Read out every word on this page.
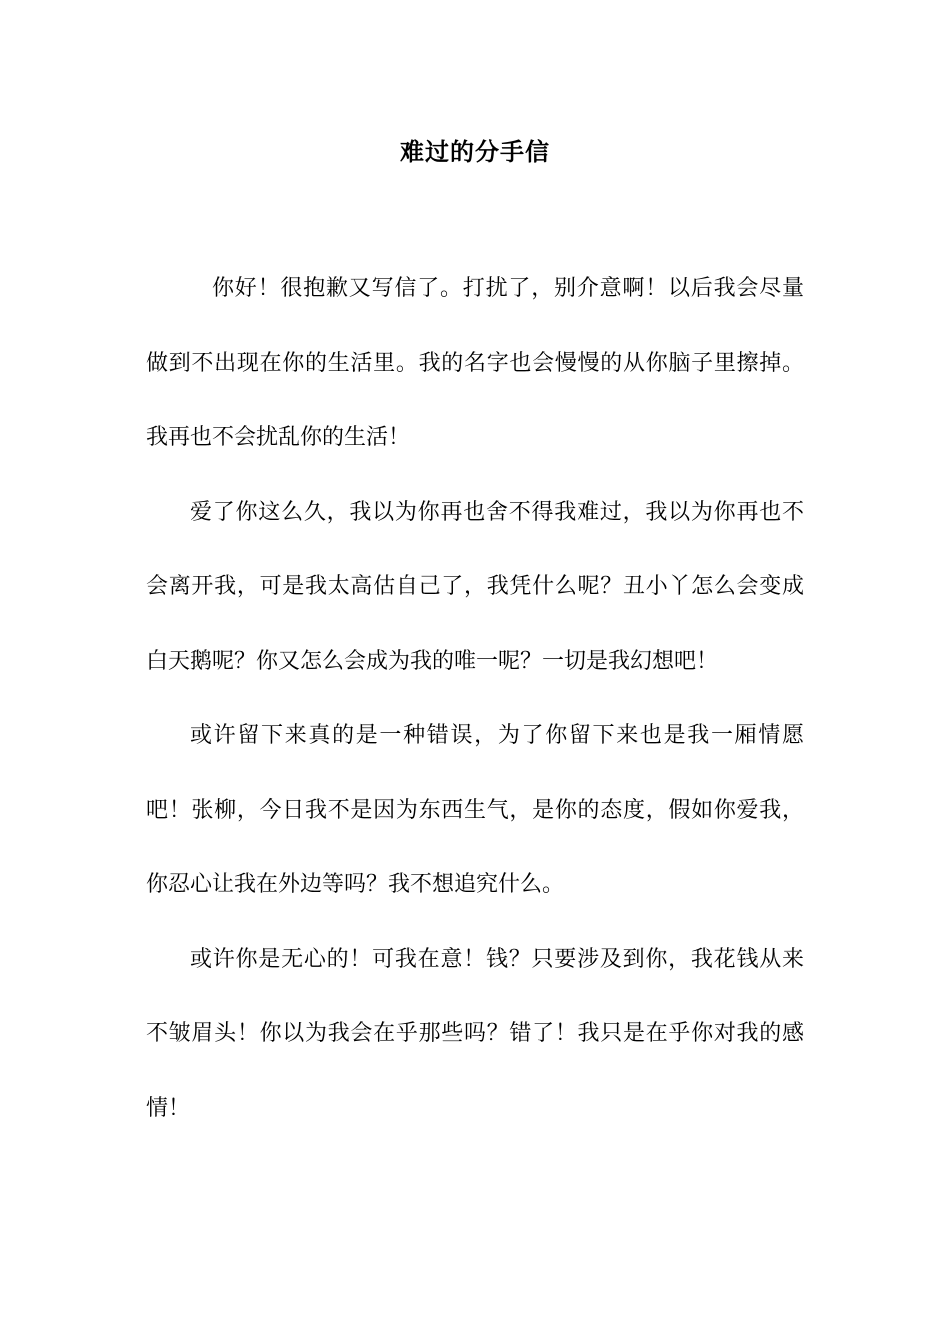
难过的分手信

你好！很抱歉又写信了。打扰了，别介意啊！以后我会尽量做到不出现在你的生活里。我的名字也会慢慢的从你脑子里擦掉。我再也不会扰乱你的生活！

爱了你这么久，我以为你再也舍不得我难过，我以为你再也不会离开我，可是我太高估自己了，我凭什么呢？丑小丫怎么会变成白天鹅呢？你又怎么会成为我的唯一呢？一切是我幻想吧！

或许留下来真的是一种错误，为了你留下来也是我一厢情愿吧！张柳，今日我不是因为东西生气，是你的态度，假如你爱我，你忍心让我在外边等吗？我不想追究什么。

或许你是无心的！可我在意！钱？只要涉及到你，我花钱从来不皱眉头！你以为我会在乎那些吗？错了！我只是在乎你对我的感情！
